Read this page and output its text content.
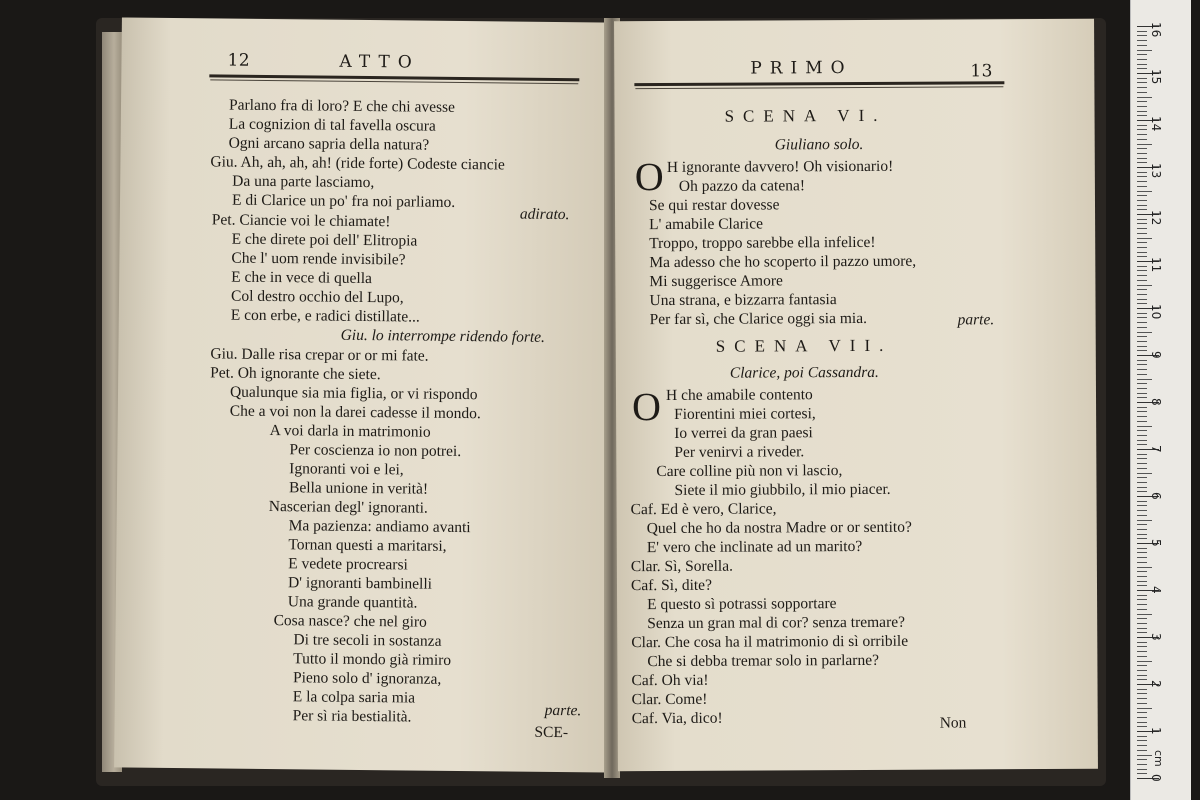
12	ATTO
Parlano fra di loro? E che chi avesse
La cognizion di tal favella oscura
Ogni arcano sapria della natura?
Giu. Ah, ah, ah, ah! (ride forte) Codeste ciancie
Da una parte lasciamo,
E di Clarice un po' fra noi parliamo.
Pet. Ciancie voi le chiamate!	adirato.
E che direte poi dell' Elitropia
Che l' uom rende invisibile?
E che in vece di quella
Col destro occhio del Lupo,
E con erbe, e radici distillate...
Giu. lo interrompe ridendo forte.
Giu. Dalle risa crepar or or mi fate.
Pet. Oh ignorante che siete.
Qualunque sia mia figlia, or vi rispondo
Che a voi non la darei cadesse il mondo.
A voi darla in matrimonio
Per coscienza io non potrei.
Ignoranti voi e lei,
Bella unione in verità!
Nascerian degl' ignoranti.
Ma pazienza: andiamo avanti
Tornan questi a maritarsi,
E vedete procrearsi
D' ignoranti bambinelli
Una grande quantità.
Cosa nasce? che nel giro
Di tre secoli in sostanza
Tutto il mondo già rimiro
Pieno solo d' ignoranza,
E la colpa saria mia
Per sì ria bestialità.	parte.
SCE-
PRIMO	13
SCENA VI.
Giuliano solo.
O H ignorante davvero! Oh visionario!
Oh pazzo da catena!
Se qui restar dovesse
L' amabile Clarice
Troppo, troppo sarebbe ella infelice!
Ma adesso che ho scoperto il pazzo umore,
Mi suggerisce Amore
Una strana, e bizzarra fantasia
Per far sì, che Clarice oggi sia mia.	parte.
SCENA VII.
Clarice, poi Cassandra.
O H che amabile contento
Fiorentini miei cortesi,
Io verrei da gran paesi
Per venirvi a riveder.
Care colline più non vi lascio,
Siete il mio giubbilo, il mio piacer.
Caf. Ed è vero, Clarice,
Quel che ho da nostra Madre or or sentito?
E' vero che inclinate ad un marito?
Clar. Sì, Sorella.
Caf. Sì, dite?
E questo sì potrassi sopportare
Senza un gran mal di cor? senza tremare?
Clar. Che cosa ha il matrimonio di sì orribile
Che si debba tremar solo in parlarne?
Caf. Oh via!
Clar. Come!
Caf. Via, dico!	Non
0
1
2
3
4
5
6
7
8
9
10
11
12
13
14
15
16
cm
